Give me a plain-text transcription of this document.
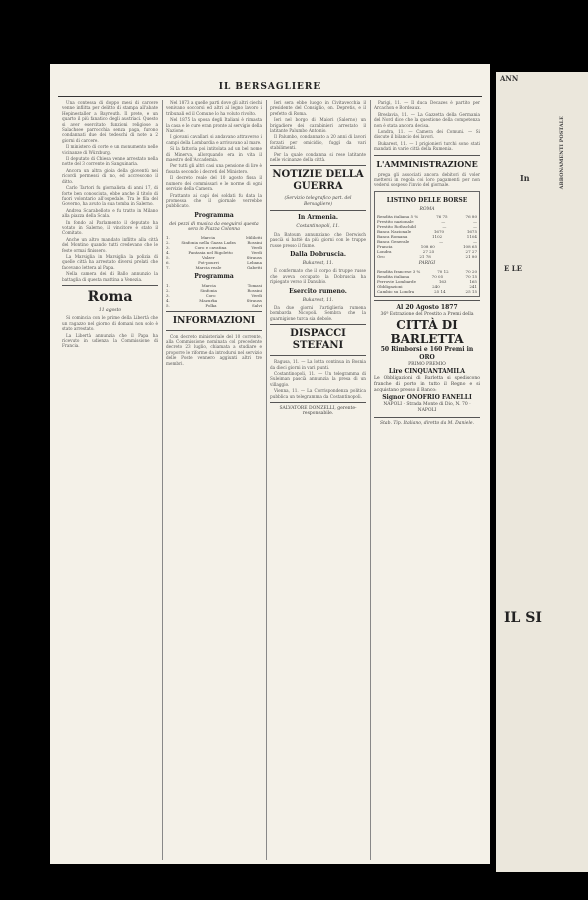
IL BERSAGLIERE

Una contessa di doppo mesi di carcere venne inflitta per delitto di stampa all'abate Hepinestaller a Bayreuth. Il prete, e un quarto il più fanatico degli austriaci. Questo si aver esercitato funzioni religiose a Salachsee parrocchia senza paga, furono condannati due dei tedeschi di note a 2 giorni di carcere.

Il ministero di corte e un monumento nelle vicinanze di Würzburg.

Il deputato di Chiesa venne arrestato nella notte del 3 corrente in Sanguinaria.

Ancora un altra gioia della gioventù nei ricordi permessi di no, ed accrescono il ditto.

Carlo Tartori fu giornalista di anni 17, di forte ben conosciuta, ebbe anche il titolo di fuori volontario all'ospedale. Tra le fila del Governo, ha avuto la sua tomba in Salerno.

Andrea Scarabelloto e fu tratto in Milano alla piazza della Scala.

In fondo al Parlamento il deputato ha votato in Salerno, il vincitore è stato il Comitato.

Anche un altro mandato inflitto alla città del Montino quando tutti credevano che le feste ormai finissero.

La Marsiglia in Marsiglia la polizia di quelle città ha arrestato diversi prelati che facevano lettera al Papa.

Nella camera dei di Ballo annunzio la battaglia di questa mattina a Venezia.

Roma
11 agosto

Si comincia con le prime della Libertà che un ragazzo nel giorno di domani non solo è stato arrestato.

La Libertà annunzia che il Papa ha ricevuto in udienza la Commissione di Francia.

Nel 1873 a quelle parti dove gli altri ciechi venivano soccorsi ed altri al legno lavoro i tribunali ed il Comune lo ha voluto rivolto.

Nel 1875 la sposa degli Italiani è rimasta la casa e le cure eran pronte al servigio della Nazione.

I giovani cavallari si andavano attraverso i campi della Lombardia e arrivavano al mare.

Si la fattoria poi intitolata ad un bel nome di Minerva, allorquando era in vita il maestro dell'Accademia.

Per tutti gli altri casi una pensione di lire è fissata secondo i decreti del Ministero.

Il decreto reale del 10 agosto fissa il numero dei commissari e le norme di ogni servizio della Camera.

Frattanto ai capi dei soldati fu data la promessa che il giornale verrebbe pubblicato.

Programma
dei pezzi di musica da eseguirsi questa sera in Piazza Colonna
1.	Marcia	Mililotti
2.	Sinfonia nella Gazza Ladra	Rossini
3.	Coro e cavatina	Verdi
4.	Fantasia nel Rigoletto	Verdi
5.	Valzer	Strauss
6.	Pot-pourri	Lebana
7.	Marcia reale	Gabetti
Programma
1.	Marcia	Tomasi
2.	Sinfonia	Rossini
3.	Coro	Verdi
4.	Mazurka	Strauss
5.	Polka	Salvi
INFORMAZIONI

Con decreto ministeriale del 10 corrente, alla Commissione nominata col precedente decreto 23 luglio, chiamata a studiare e proporre le riforme da introdursi nel servizio delle Poste vennero aggiunti altri tre membri.

Ieri sera ebbe luogo in Civitavecchia il presidente del Consiglio, on. Depretis, e il prefetto di Roma.

Ieri nel borgo di Maiori (Salerno) un brigadiere dei carabinieri arrestato il latitante Palumbo Antonio.

Il Palumbo, condannato a 20 anni di lavori forzati per omicidio, fuggì da vari stabilimenti.

Per la quale condanna si rese latitante nelle vicinanze della città.

NOTIZIE DELLA GUERRA
(Servizio telegrafico part. del Bersagliere)
In Armenia.
Costantinopoli, 11.

Da Batoum annunziano che Derwisch pascià si battè da più giorni con le truppe russe presso il fiume.

Dalla Dobruscia.
Bukarest, 11.

È confermato che il corpo di truppe russe che aveva occupato la Dobruscia ha ripiegato verso il Danubio.

Esercito rumeno.
Bukarest, 11.

Da due giorni l'artiglieria rumena bombarda Nicopoli. Sembra che la guarnigione turca sia debole.

DISPACCI STEFANI

Ragusa, 11. — La lotta continua in Bosnia da dieci giorni in vari punti.

Costantinopoli, 11. — Un telegramma di Suleiman pascià annunzia la presa di un villaggio.

Vienna, 11. — La Corrispondenza politica pubblica un telegramma da Costantinopoli.

SALVATORE DONZELLI, gerente-responsabile.

Parigi, 11. — Il duca Decazes è partito per Arcachon e Bordeaux.

Breslavia, 11. — La Gazzetta della Germania del Nord dice che la questione della competenza non è stata ancora decisa.

Londra, 11. — Camera dei Comuni. — Si discute il bilancio dei lavori.

Bukarest, 11. — I prigionieri turchi sono stati mandati in varie città della Rumenia.

L'AMMINISTRAZIONE

prega gli associati ancora debitori di voler mettersi in regola coi loro pagamenti per non vedersi sospeso l'invio del giornale.

LISTINO DELLE BORSE
ROMA
Rendita italiana 5 %	76 75	76 80
Prestito nazionale	—	—
Prestito Rothschild	—	—
Banca Nazionale	1670	1675
Banca Romana	1102	1104
Banca Generale	—	—
Francia	108 60	108 65
Londra	27 25	27 27
Oro	21 78	21 80
PARIGI
Rendita francese 3 %	70 12	70 20
Rendita italiana	70 05	70 15
Ferrovie Lombarde	163	165
Obbligazioni	240	241
Cambio su Londra	25 14	25 15
Al 20 Agosto 1877
36ª Estrazione del Prestito a Premi della
CITTÀ DI BARLETTA
50 Rimborsi e 160 Premi in ORO
PRIMO PREMIO
Lire CINQUANTAMILA
Le Obbligazioni di Barletta si spediscono franche di porto in tutto il Regno e si acquistano presso il Banco:
Signor ONOFRIO FANELLI
NAPOLI · Strada Monte di Dio, N. 70 · NAPOLI
Stab. Tip. Italiano, diretto da M. Daniele.
ANN
ABBONAMENTI POSTALE
In
E LE
IL SI
